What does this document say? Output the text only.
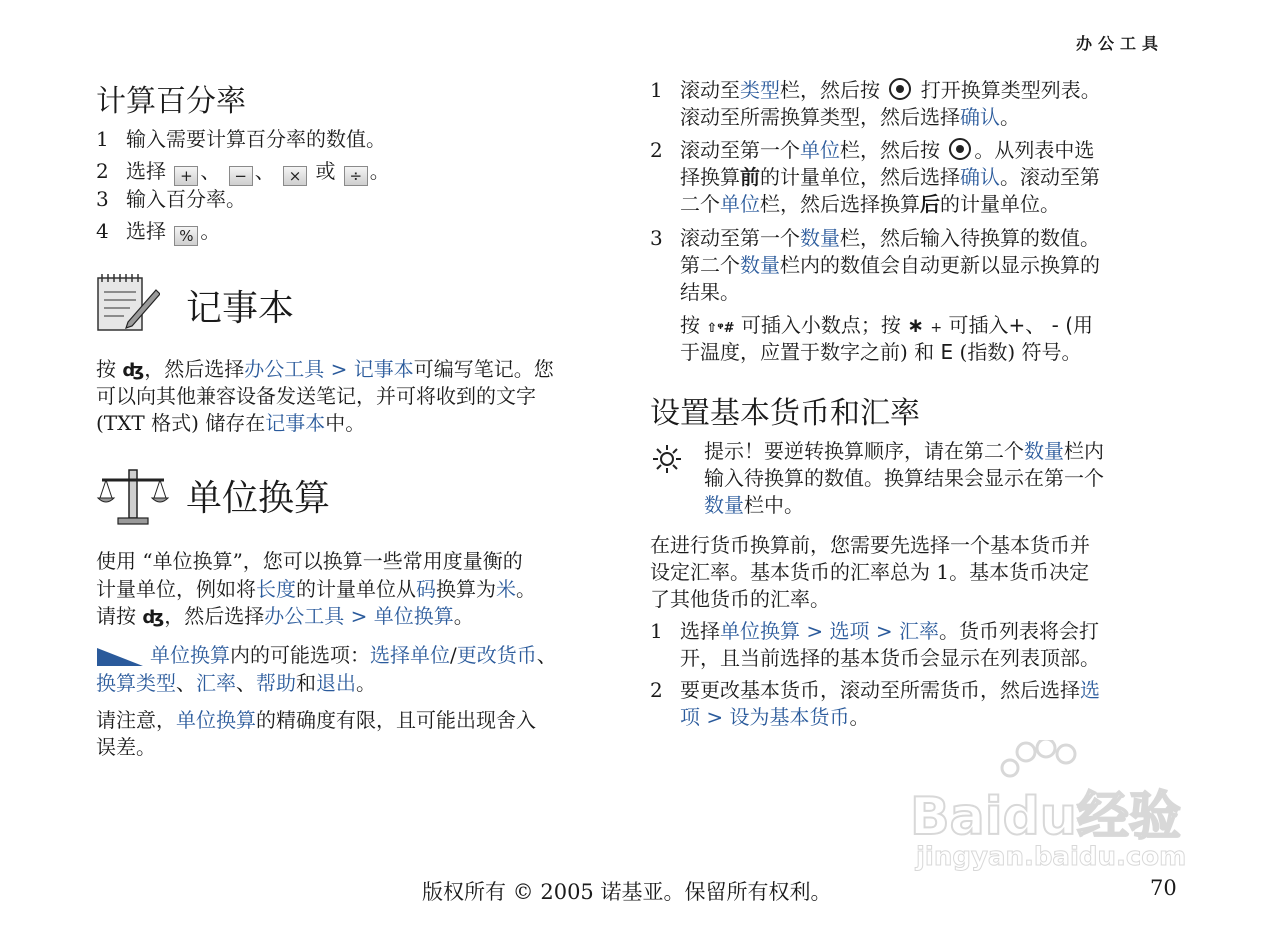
办公工具
计算百分率
1 输入需要计算百分率的数值。
2 选择 + 、 − 、 × 或 ÷ 。
3 输入百分率。
4 选择 % 。
记事本
按 ʤ，然后选择办公工具 > 记事本可编写笔记。您
可以向其他兼容设备发送笔记，并可将收到的文字
(TXT 格式) 储存在记事本中。
单位换算
使用 “单位换算”，您可以换算一些常用度量衡的
计量单位，例如将长度的计量单位从码换算为米。
请按 ʤ，然后选择办公工具 > 单位换算。
单位换算内的可能选项：选择单位/更改货币、
换算类型、汇率、帮助和退出。
请注意，单位换算的精确度有限，且可能出现舍入
误差。
1 滚动至类型栏，然后按 打开换算类型列表。
滚动至所需换算类型，然后选择确认。
2 滚动至第一个单位栏，然后按 。从列表中选
择换算前的计量单位，然后选择确认。滚动至第
二个单位栏，然后选择换算后的计量单位。
3 滚动至第一个数量栏，然后输入待换算的数值。
第二个数量栏内的数值会自动更新以显示换算的
结果。
按 ⇧ᵠ# 可插入小数点；按 ∗ + 可插入+、 - (用
于温度，应置于数字之前) 和 E (指数) 符号。
设置基本货币和汇率
提示！要逆转换算顺序，请在第二个数量栏内
输入待换算的数值。换算结果会显示在第一个
数量栏中。
在进行货币换算前，您需要先选择一个基本货币并
设定汇率。基本货币的汇率总为 1。基本货币决定
了其他货币的汇率。
1 选择单位换算 > 选项 > 汇率。货币列表将会打
开，且当前选择的基本货币会显示在列表顶部。
2 要更改基本货币，滚动至所需货币，然后选择选
项 > 设为基本货币。
Baidu经验
jingyan.baidu.com
版权所有 © 2005 诺基亚。保留所有权利。	70
